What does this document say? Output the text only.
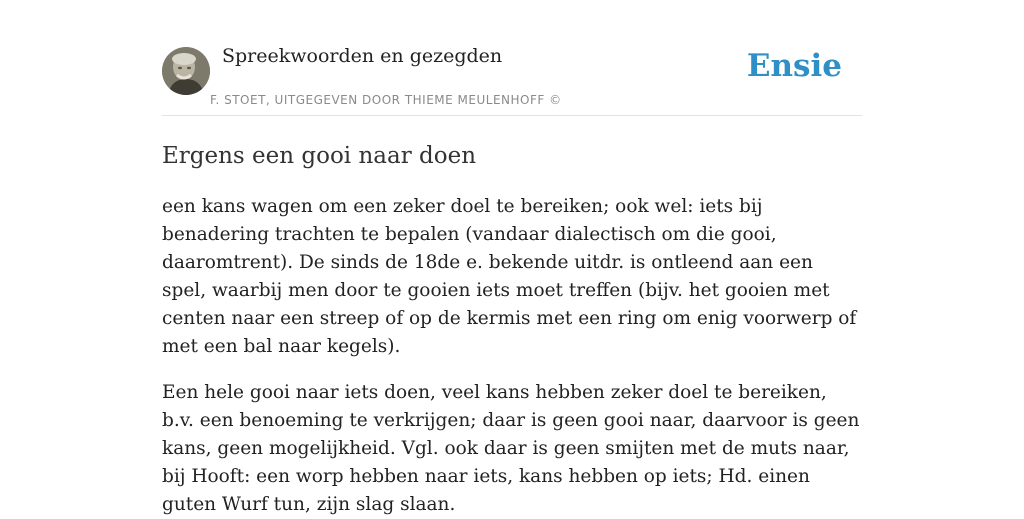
Spreekwoorden en gezegden
F. STOET, UITGEGEVEN DOOR THIEME MEULENHOFF ©
Ensie
Ergens een gooi naar doen

een kans wagen om een zeker doel te bereiken; ook wel: iets bij benadering trachten te bepalen (vandaar dialectisch om die gooi, daaromtrent). De sinds de 18de e. bekende uitdr. is ontleend aan een spel, waarbij men door te gooien iets moet treffen (bijv. het gooien met centen naar een streep of op de kermis met een ring om enig voorwerp of met een bal naar kegels).

Een hele gooi naar iets doen, veel kans hebben zeker doel te bereiken, b.v. een benoeming te verkrijgen; daar is geen gooi naar, daarvoor is geen kans, geen mogelijkheid. Vgl. ook daar is geen smijten met de muts naar, bij Hooft: een worp hebben naar iets, kans hebben op iets; Hd. einen guten Wurf tun, zijn slag slaan.
